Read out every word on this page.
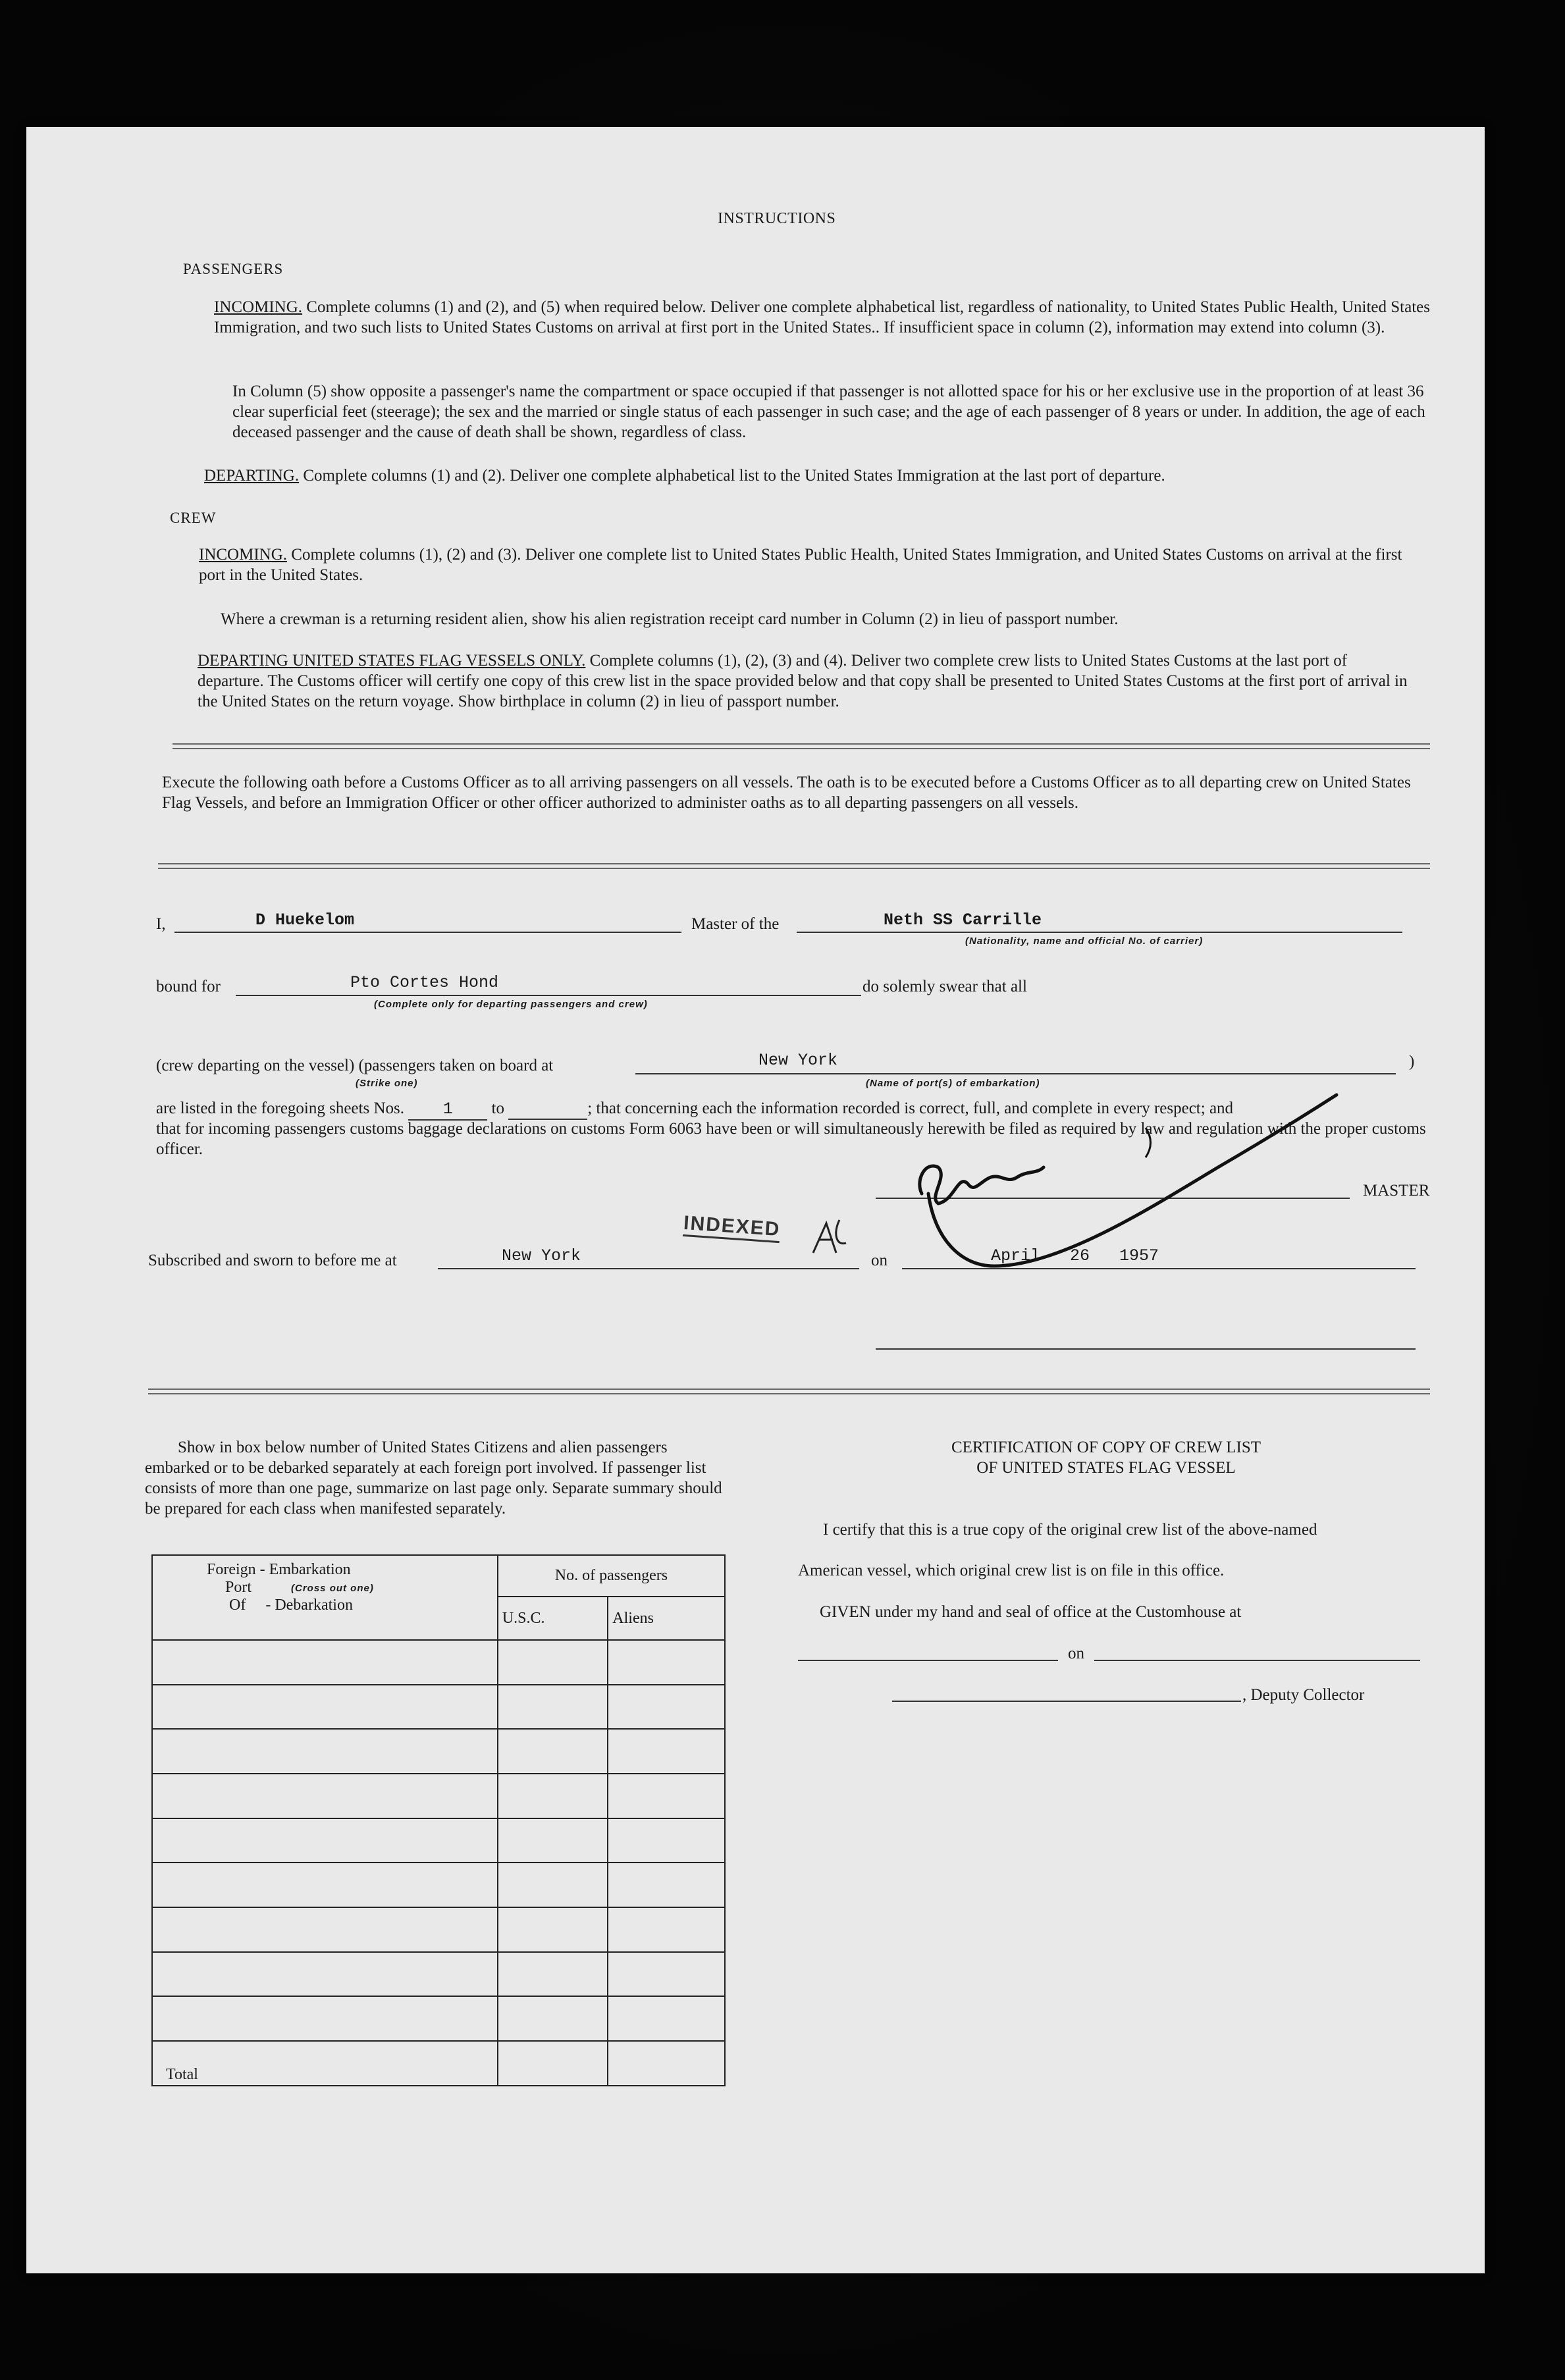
INSTRUCTIONS
PASSENGERS
INCOMING. Complete columns (1) and (2), and (5) when required below. Deliver one complete alphabetical list, regardless of nationality, to United States Public Health, United States Immigration, and two such lists to United States Customs on arrival at first port in the United States.. If insufficient space in column (2), information may extend into column (3).
In Column (5) show opposite a passenger's name the compartment or space occupied if that passenger is not allotted space for his or her exclusive use in the proportion of at least 36 clear superficial feet (steerage); the sex and the married or single status of each passenger in such case; and the age of each passenger of 8 years or under. In addition, the age of each deceased passenger and the cause of death shall be shown, regardless of class.
DEPARTING. Complete columns (1) and (2). Deliver one complete alphabetical list to the United States Immigration at the last port of departure.
CREW
INCOMING. Complete columns (1), (2) and (3). Deliver one complete list to United States Public Health, United States Immigration, and United States Customs on arrival at the first port in the United States.
Where a crewman is a returning resident alien, show his alien registration receipt card number in Column (2) in lieu of passport number.
DEPARTING UNITED STATES FLAG VESSELS ONLY. Complete columns (1), (2), (3) and (4). Deliver two complete crew lists to United States Customs at the last port of departure. The Customs officer will certify one copy of this crew list in the space provided below and that copy shall be presented to United States Customs at the first port of arrival in the United States on the return voyage. Show birthplace in column (2) in lieu of passport number.
Execute the following oath before a Customs Officer as to all arriving passengers on all vessels. The oath is to be executed before a Customs Officer as to all departing crew on United States Flag Vessels, and before an Immigration Officer or other officer authorized to administer oaths as to all departing passengers on all vessels.
I,	D Huekelom	Master of the	Neth SS Carrille
(Nationality, name and official No. of carrier)
bound for	Pto Cortes Hond
(Complete only for departing passengers and crew)
do solemly swear that all
(crew departing on the vessel) (passengers taken on board at
(Strike one)
New York
(Name of port(s) of embarkation)
)
are listed in the foregoing sheets Nos. 1 to	; that concerning each the information recorded is correct, full, and complete in every respect; and
that for incoming passengers customs baggage declarations on customs Form 6063 have been or will simultaneously herewith be filed as required by law and regulation with the proper customs officer.
MASTER
INDEXED
Subscribed and sworn to before me at	New York	on	April   26   1957
Show in box below number of United States Citizens and alien passengers embarked or to be debarked separately at each foreign port involved. If passenger list consists of more than one page, summarize on last page only. Separate summary should be prepared for each class when manifested separately.
Foreign - Embarkation
Port (Cross out one)
Of - Debarkation	No. of passengers	
	U.S.C.	Aliens

Total		
CERTIFICATION OF COPY OF CREW LIST
OF UNITED STATES FLAG VESSEL
I certify that this is a true copy of the original crew list of the above-named
American vessel, which original crew list is on file in this office.
GIVEN under my hand and seal of office at the Customhouse at
on
, Deputy Collector
